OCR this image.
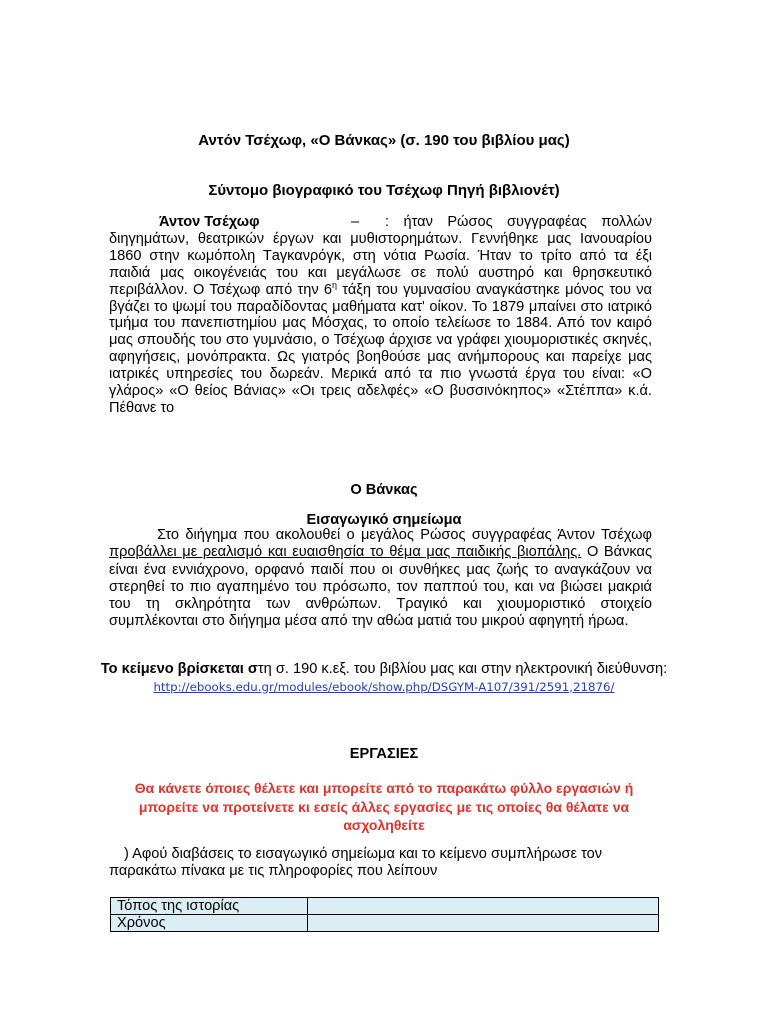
Αντόν Τσέχωφ, «Ο Βάνκας» (σ. 190 του βιβλίου μας)
Σύντομο βιογραφικό του Τσέχωφ Πηγή βιβλιονέτ)
Άντον Τσέχωφ	– : ήταν Ρώσος συγγραφέας πολλών διηγημάτων, θεατρικών έργων και μυθιστορημάτων. Γεννήθηκε μας Ιανουαρίου 1860 στην κωμόπολη Τaγκανρόγκ, στη νότια Ρωσία. Ήταν το τρίτο από τα έξι παιδιά μας οικογένειάς του και μεγάλωσε σε πολύ αυστηρό και θρησκευτικό περιβάλλον. Ο Τσέχωφ από την $6^\eta$ τάξη του γυμνασίου αναγκάστηκε μόνος του να βγάζει το ψωμί του παραδίδοντας μαθήματα κατ' οίκον. Το 1879 μπαίνει στο ιατρικό τμήμα του πανεπιστημίου μας Μόσχας, το οποίο τελείωσε το 1884. Από τον καιρό μας σπουδής του στο γυμνάσιο, ο Τσέχωφ άρχισε να γράφει χιουμοριστικές σκηνές, αφηγήσεις, μονόπρακτα. Ως γιατρός βοηθούσε μας ανήμπορους και παρείχε μας ιατρικές υπηρεσίες του δωρεάν. Μερικά από τα πιο γνωστά έργα του είναι: «Ο γλάρος» «Ο θείος Βάνιας» «Οι τρεις αδελφές» «Ο βυσσινόκηπος» «Στέππα» κ.ά. Πέθανε το
Ο Βάνκας
Εισαγωγικό σημείωμα
Στο διήγημα που ακολουθεί ο μεγάλος Ρώσος συγγραφέας Άντον Τσέχωφ προβάλλει με ρεαλισμό και ευαισθησία το θέμα μας παιδικής βιοπάλης. Ο Βάνκας είναι ένα εννιάχρονο, ορφανό παιδί που οι συνθήκες μας ζωής το αναγκάζουν να στερηθεί το πιο αγαπημένο του πρόσωπο, τον παππού του, και να βιώσει μακριά του τη σκληρότητα των ανθρώπων. Τραγικό και χιουμοριστικό στοιχείο συμπλέκονται στο διήγημα μέσα από την αθώα ματιά του μικρού αφηγητή ήρωα.
Το κείμενο βρίσκεται στη σ. 190 κ.εξ. του βιβλίου μας και στην ηλεκτρονική διεύθυνση: http://ebooks.edu.gr/modules/ebook/show.php/DSGYM-A107/391/2591,21876/
ΕΡΓΑΣΙΕΣ
Θα κάνετε όποιες θέλετε και μπορείτε από το παρακάτω φύλλο εργασιών ή μπορείτε να προτείνετε κι εσείς άλλες εργασίες με τις οποίες θα θέλατε να ασχοληθείτε
) Αφού διαβάσεις το εισαγωγικό σημείωμα και το κείμενο συμπλήρωσε τον παρακάτω πίνακα με τις πληροφορίες που λείπουν
Τόπος της ιστορίας	
Χρόνος	
